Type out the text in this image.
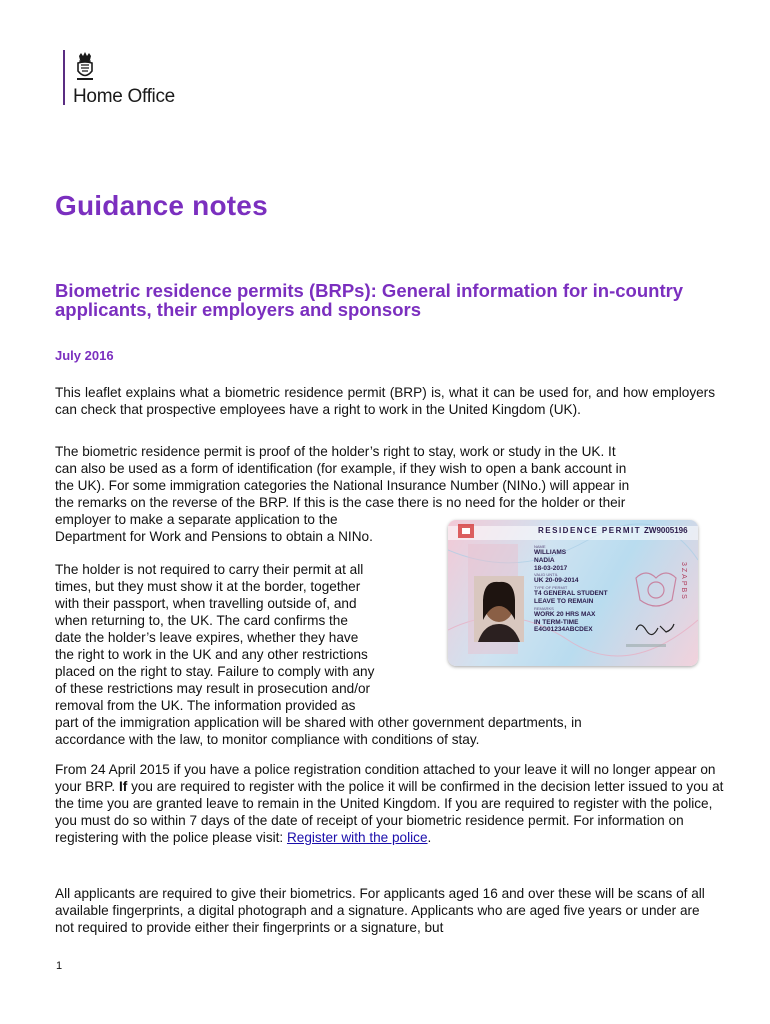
Home Office
Guidance notes
Biometric residence permits (BRPs): General information for in-country applicants, their employers and sponsors
July 2016

This leaflet explains what a biometric residence permit (BRP) is, what it can be used for, and how employers can check that prospective employees have a right to work in the United Kingdom (UK).

The biometric residence permit is proof of the holder’s right to stay, work or study in the UK. It
can also be used as a form of identification (for example, if they wish to open a bank account in
the UK). For some immigration categories the National Insurance Number (NINo.) will appear in
the remarks on the reverse of the BRP. If this is the case there is no need for the holder or their
employer to make a separate application to the
Department for Work and Pensions to obtain a NINo.
The holder is not required to carry their permit at all
times, but they must show it at the border, together
with their passport, when travelling outside of, and
when returning to, the UK. The card confirms the
date the holder’s leave expires, whether they have
the right to work in the UK and any other restrictions
placed on the right to stay. Failure to comply with any
of these restrictions may result in prosecution and/or
removal from the UK. The information provided as
part of the immigration application will be shared with other government departments, in
accordance with the law, to monitor compliance with conditions of stay.
RESIDENCE PERMIT ZW9005196
NAME
WILLIAMS
NADIA
18-03-2017
VALID UNTIL
UK 20-09-2014
TYPE OF PERMIT
T4 GENERAL STUDENT
LEAVE TO REMAIN
REMARKS
WORK 20 HRS MAX
IN TERM-TIME
E4G01234ABCDEX
3ZAPBS

From 24 April 2015 if you have a police registration condition attached to your leave it will no longer appear on your BRP. If you are required to register with the police it will be confirmed in the decision letter issued to you at the time you are granted leave to remain in the United Kingdom. If you are required to register with the police, you must do so within 7 days of the date of receipt of your biometric residence permit. For information on registering with the police please visit: Register with the police.

All applicants are required to give their biometrics. For applicants aged 16 and over these will be scans of all available fingerprints, a digital photograph and a signature. Applicants who are aged five years or under are not required to provide either their fingerprints or a signature, but

1
